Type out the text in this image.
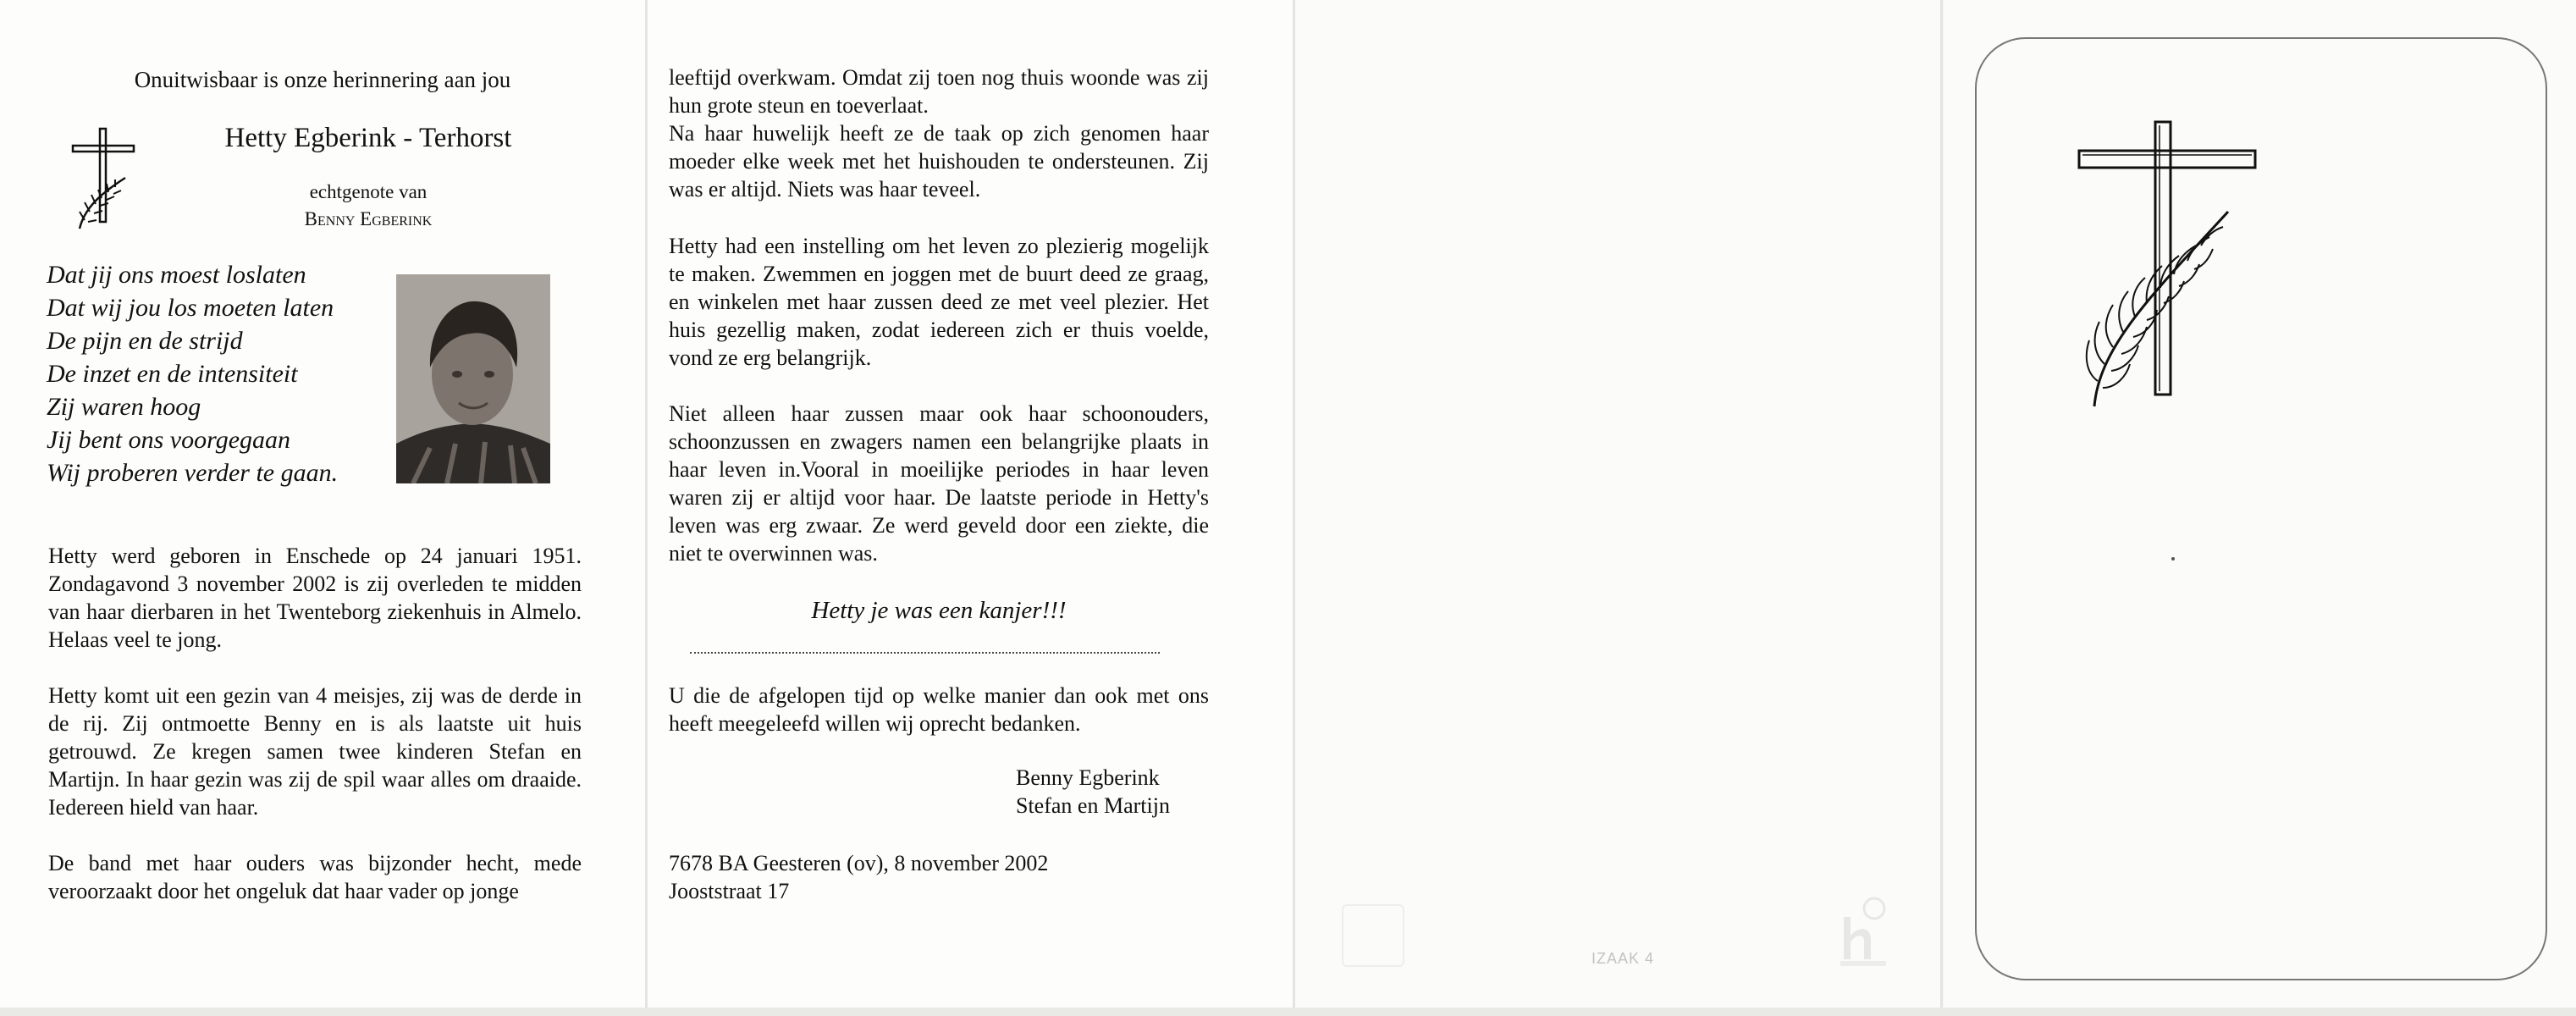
Onuitwisbaar is onze herinnering aan jou
Hetty Egberink - Terhorst
echtgenote van
Benny Egberink
Dat jij ons moest loslaten
Dat wij jou los moeten laten
De pijn en de strijd
De inzet en de intensiteit
Zij waren hoog
Jij bent ons voorgegaan
Wij proberen verder te gaan.
Hetty werd geboren in Enschede op 24 januari 1951. Zondagavond 3 november 2002 is zij overleden te midden van haar dierbaren in het Twenteborg ziekenhuis in Almelo. Helaas veel te jong.
Hetty komt uit een gezin van 4 meisjes, zij was de derde in de rij. Zij ontmoette Benny en is als laatste uit huis getrouwd. Ze kregen samen twee kinderen Stefan en Martijn. In haar gezin was zij de spil waar alles om draaide. Iedereen hield van haar.
De band met haar ouders was bijzonder hecht, mede veroorzaakt door het ongeluk dat haar vader op jonge
leeftijd overkwam. Omdat zij toen nog thuis woonde was zij hun grote steun en toeverlaat.
Na haar huwelijk heeft ze de taak op zich genomen haar moeder elke week met het huishouden te ondersteunen. Zij was er altijd. Niets was haar teveel.
Hetty had een instelling om het leven zo plezierig mogelijk te maken. Zwemmen en joggen met de buurt deed ze graag, en winkelen met haar zussen deed ze met veel plezier. Het huis gezellig maken, zodat iedereen zich er thuis voelde, vond ze erg belangrijk.
Niet alleen haar zussen maar ook haar schoonouders, schoonzussen en zwagers namen een belangrijke plaats in haar leven in.Vooral in moeilijke periodes in haar leven waren zij er altijd voor haar. De laatste periode in Hetty's leven was erg zwaar. Ze werd geveld door een ziekte, die niet te overwinnen was.
Hetty je was een kanjer!!!
U die de afgelopen tijd op welke manier dan ook met ons heeft meegeleefd willen wij oprecht bedanken.
Benny Egberink
Stefan en Martijn
7678 BA Geesteren (ov), 8 november 2002
Jooststraat 17
IZAAK 4
